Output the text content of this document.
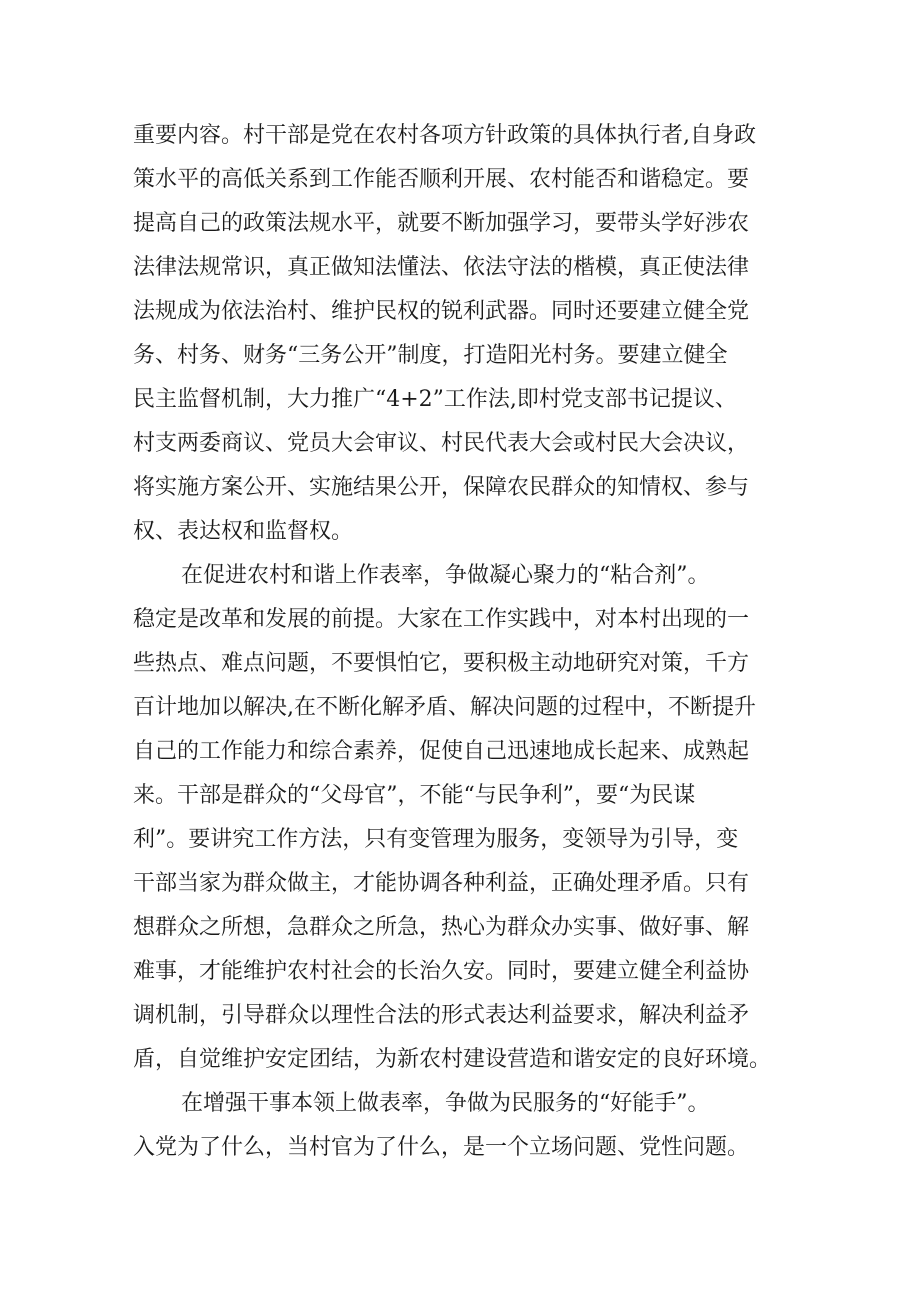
重要内容。村干部是党在农村各项方针政策的具体执行者,自身政
策水平的高低关系到工作能否顺利开展、农村能否和谐稳定。要
提高自己的政策法规水平，就要不断加强学习，要带头学好涉农
法律法规常识，真正做知法懂法、依法守法的楷模，真正使法律
法规成为依法治村、维护民权的锐利武器。同时还要建立健全党
务、村务、财务“三务公开”制度，打造阳光村务。要建立健全
民主监督机制，大力推广“4+2”工作法,即村党支部书记提议、
村支两委商议、党员大会审议、村民代表大会或村民大会决议，
将实施方案公开、实施结果公开，保障农民群众的知情权、参与
权、表达权和监督权。
在促进农村和谐上作表率，争做凝心聚力的“粘合剂”。
稳定是改革和发展的前提。大家在工作实践中，对本村出现的一
些热点、难点问题，不要惧怕它，要积极主动地研究对策，千方
百计地加以解决,在不断化解矛盾、解决问题的过程中，不断提升
自己的工作能力和综合素养，促使自己迅速地成长起来、成熟起
来。干部是群众的“父母官”，不能“与民争利”，要“为民谋
利”。要讲究工作方法，只有变管理为服务，变领导为引导，变
干部当家为群众做主，才能协调各种利益，正确处理矛盾。只有
想群众之所想，急群众之所急，热心为群众办实事、做好事、解
难事，才能维护农村社会的长治久安。同时，要建立健全利益协
调机制，引导群众以理性合法的形式表达利益要求，解决利益矛
盾，自觉维护安定团结，为新农村建设营造和谐安定的良好环境。
在增强干事本领上做表率，争做为民服务的“好能手”。
入党为了什么，当村官为了什么，是一个立场问题、党性问题。
